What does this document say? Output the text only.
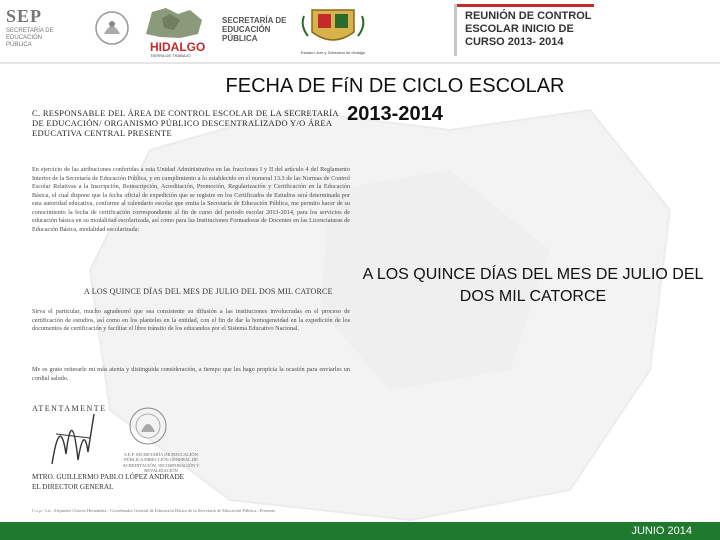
SEP
SECRETARÍA DE EDUCACIÓN PÚBLICA	HIDALGO
TIERRA DE TRABAJO
SECRETARÍA DE EDUCACIÓN PÚBLICA
Estado Libre y Soberano de Hidalgo
REUNIÓN DE CONTROL ESCOLAR INICIO DE CURSO 2013- 2014
FECHA DE FíN DE CICLO ESCOLAR
2013-2014
C. RESPONSABLE DEL ÁREA DE CONTROL ESCOLAR DE LA SECRETARÍA DE EDUCACIÓN/ ORGANISMO PÚBLICO DESCENTRALIZADO Y/O ÁREA EDUCATIVA CENTRAL PRESENTE
En ejercicio de las atribuciones conferidas a esta Unidad Administrativa en las fracciones I y II del artículo 4 del Reglamento Interior de la Secretaría de Educación Pública, y en cumplimiento a lo establecido en el numeral 13.3 de las Normas de Control Escolar Relativas a la Inscripción, Reinscripción, Acreditación, Promoción, Regularización y Certificación en la Educación Básica, el cual dispone que la fecha oficial de expedición que se registre en los Certificados de Estudios será determinada por esta autoridad educativa, conforme al calendario escolar que emita la Secretaría de Educación Pública, me permito hacer de su conocimiento la fecha de certificación correspondiente al fin de curso del periodo escolar 2013-2014, para los servicios de educación básica en su modalidad escolarizada, así como para las Instituciones Formadoras de Docentes en las Licenciaturas de Educación Básica, modalidad escolarizada:
A LOS QUINCE DÍAS DEL MES DE JULIO DEL DOS MIL CATORCE
Sirva el particular, mucho agradeceré que sea consistente su difusión a las instituciones involucradas en el proceso de certificación de estudios, así como en los planteles en la entidad, con el fin de dar la homogeneidad en la expedición de los documentos de certificación y facilitar el libre tránsito de los educandos por el Sistema Educativo Nacional.
Me es grato reiterarle mi más atenta y distinguida consideración, a tiempo que les hago propicia la ocasión para enviarles un cordial saludo.
ATENTAMENTE
S.E.P. SECRETARÍA DE EDUCACIÓN PÚBLICA DIRECCIÓN GENERAL DE ACREDITACIÓN, INCORPORACIÓN Y REVALIDACIÓN
MTRO. GUILLERMO PABLO LÓPEZ ANDRADE
EL DIRECTOR GENERAL
C.c.p.- Lic. Alejandro Chávez Hernández.- Coordinador General de Educación Básica de la Secretaría de Educación Pública.- Presente.
A LOS QUINCE DÍAS DEL MES DE JULIO DEL DOS MIL CATORCE
JUNIO 2014
